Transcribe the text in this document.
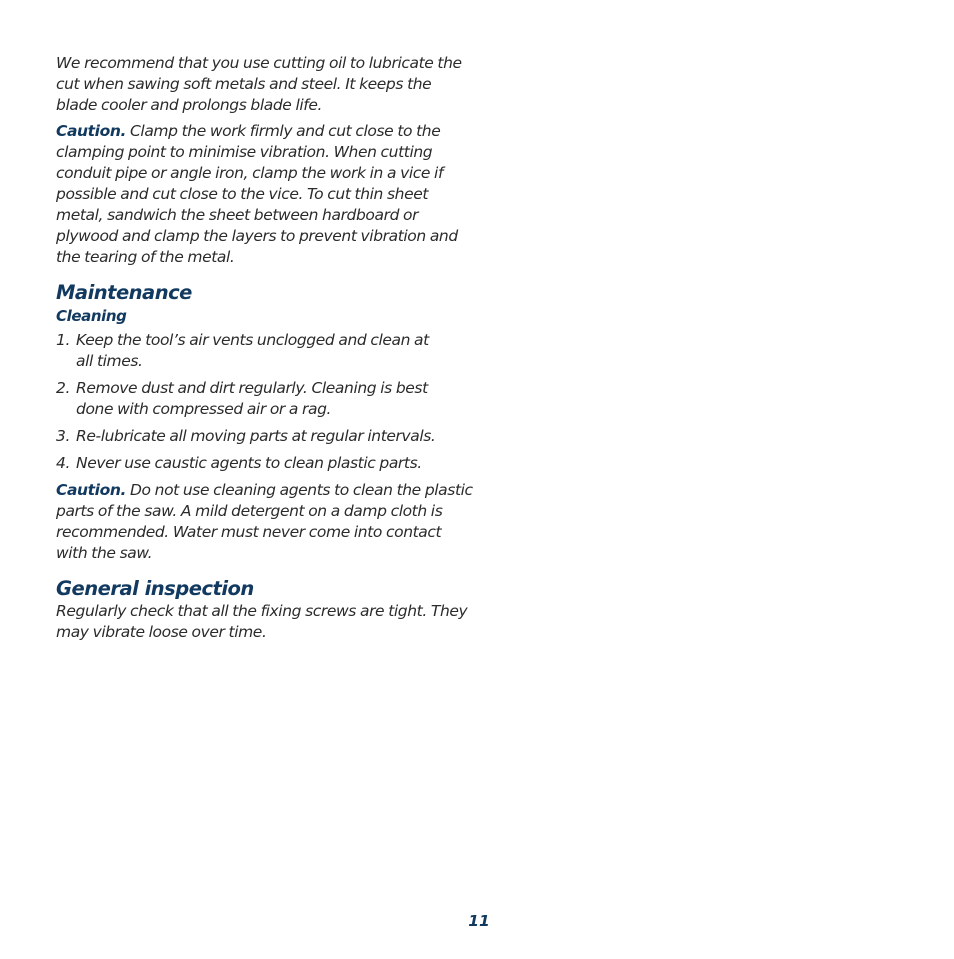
We recommend that you use cutting oil to lubricate the cut when sawing soft metals and steel. It keeps the blade cooler and prolongs blade life.

Caution. Clamp the work firmly and cut close to the clamping point to minimise vibration. When cutting conduit pipe or angle iron, clamp the work in a vice if possible and cut close to the vice. To cut thin sheet metal, sandwich the sheet between hardboard or plywood and clamp the layers to prevent vibration and the tearing of the metal.

Maintenance
Cleaning
1. Keep the tool’s air vents unclogged and clean at all times.
2. Remove dust and dirt regularly. Cleaning is best done with compressed air or a rag.
3. Re-lubricate all moving parts at regular intervals.
4. Never use caustic agents to clean plastic parts.

Caution. Do not use cleaning agents to clean the plastic parts of the saw. A mild detergent on a damp cloth is recommended. Water must never come into contact with the saw.

General inspection

Regularly check that all the fixing screws are tight. They may vibrate loose over time.

11
